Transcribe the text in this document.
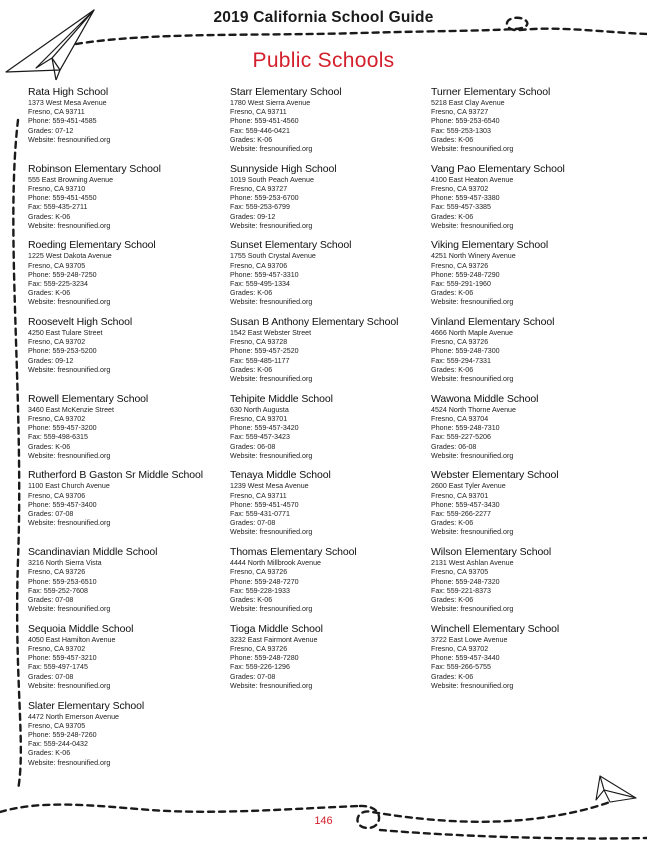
2019 California School Guide
Public Schools
Rata High School
1373 West Mesa Avenue
Fresno, CA 93711
Phone: 559-451-4585
Grades: 07-12
Website: fresnounified.org
Robinson Elementary School
555 East Browning Avenue
Fresno, CA 93710
Phone: 559-451-4550
Fax: 559-435-2711
Grades: K-06
Website: fresnounified.org
Roeding Elementary School
1225 West Dakota Avenue
Fresno, CA 93705
Phone: 559-248-7250
Fax: 559-225-3234
Grades: K-06
Website: fresnounified.org
Roosevelt High School
4250 East Tulare Street
Fresno, CA 93702
Phone: 559-253-5200
Grades: 09-12
Website: fresnounified.org
Rowell Elementary School
3460 East McKenzie Street
Fresno, CA 93702
Phone: 559-457-3200
Fax: 559-498-6315
Grades: K-06
Website: fresnounified.org
Rutherford B Gaston Sr Middle School
1100 East Church Avenue
Fresno, CA 93706
Phone: 559-457-3400
Grades: 07-08
Website: fresnounified.org
Scandinavian Middle School
3216 North Sierra Vista
Fresno, CA 93726
Phone: 559-253-6510
Fax: 559-252-7608
Grades: 07-08
Website: fresnounified.org
Sequoia Middle School
4050 East Hamilton Avenue
Fresno, CA 93702
Phone: 559-457-3210
Fax: 559-497-1745
Grades: 07-08
Website: fresnounified.org
Slater Elementary School
4472 North Emerson Avenue
Fresno, CA 93705
Phone: 559-248-7260
Fax: 559-244-0432
Grades: K-06
Website: fresnounified.org
Starr Elementary School
1780 West Sierra Avenue
Fresno, CA 93711
Phone: 559-451-4560
Fax: 559-446-0421
Grades: K-06
Website: fresnounified.org
Sunnyside High School
1019 South Peach Avenue
Fresno, CA 93727
Phone: 559-253-6700
Fax: 559-253-6799
Grades: 09-12
Website: fresnounified.org
Sunset Elementary School
1755 South Crystal Avenue
Fresno, CA 93706
Phone: 559-457-3310
Fax: 559-495-1334
Grades: K-06
Website: fresnounified.org
Susan B Anthony Elementary School
1542 East Webster Street
Fresno, CA 93728
Phone: 559-457-2520
Fax: 559-485-1177
Grades: K-06
Website: fresnounified.org
Tehipite Middle School
630 North Augusta
Fresno, CA 93701
Phone: 559-457-3420
Fax: 559-457-3423
Grades: 06-08
Website: fresnounified.org
Tenaya Middle School
1239 West Mesa Avenue
Fresno, CA 93711
Phone: 559-451-4570
Fax: 559-431-0771
Grades: 07-08
Website: fresnounified.org
Thomas Elementary School
4444 North Millbrook Avenue
Fresno, CA 93726
Phone: 559-248-7270
Fax: 559-228-1933
Grades: K-06
Website: fresnounified.org
Tioga Middle School
3232 East Fairmont Avenue
Fresno, CA 93726
Phone: 559-248-7280
Fax: 559-226-1296
Grades: 07-08
Website: fresnounified.org
Turner Elementary School
5218 East Clay Avenue
Fresno, CA 93727
Phone: 559-253-6540
Fax: 559-253-1303
Grades: K-06
Website: fresnounified.org
Vang Pao Elementary School
4100 East Heaton Avenue
Fresno, CA 93702
Phone: 559-457-3380
Fax: 559-457-3385
Grades: K-06
Website: fresnounified.org
Viking Elementary School
4251 North Winery Avenue
Fresno, CA 93726
Phone: 559-248-7290
Fax: 559-291-1960
Grades: K-06
Website: fresnounified.org
Vinland Elementary School
4666 North Maple Avenue
Fresno, CA 93726
Phone: 559-248-7300
Fax: 559-294-7331
Grades: K-06
Website: fresnounified.org
Wawona Middle School
4524 North Thorne Avenue
Fresno, CA 93704
Phone: 559-248-7310
Fax: 559-227-5206
Grades: 06-08
Website: fresnounified.org
Webster Elementary School
2600 East Tyler Avenue
Fresno, CA 93701
Phone: 559-457-3430
Fax: 559-266-2277
Grades: K-06
Website: fresnounified.org
Wilson Elementary School
2131 West Ashlan Avenue
Fresno, CA 93705
Phone: 559-248-7320
Fax: 559-221-8373
Grades: K-06
Website: fresnounified.org
Winchell Elementary School
3722 East Lowe Avenue
Fresno, CA 93702
Phone: 559-457-3440
Fax: 559-266-5755
Grades: K-06
Website: fresnounified.org
146
